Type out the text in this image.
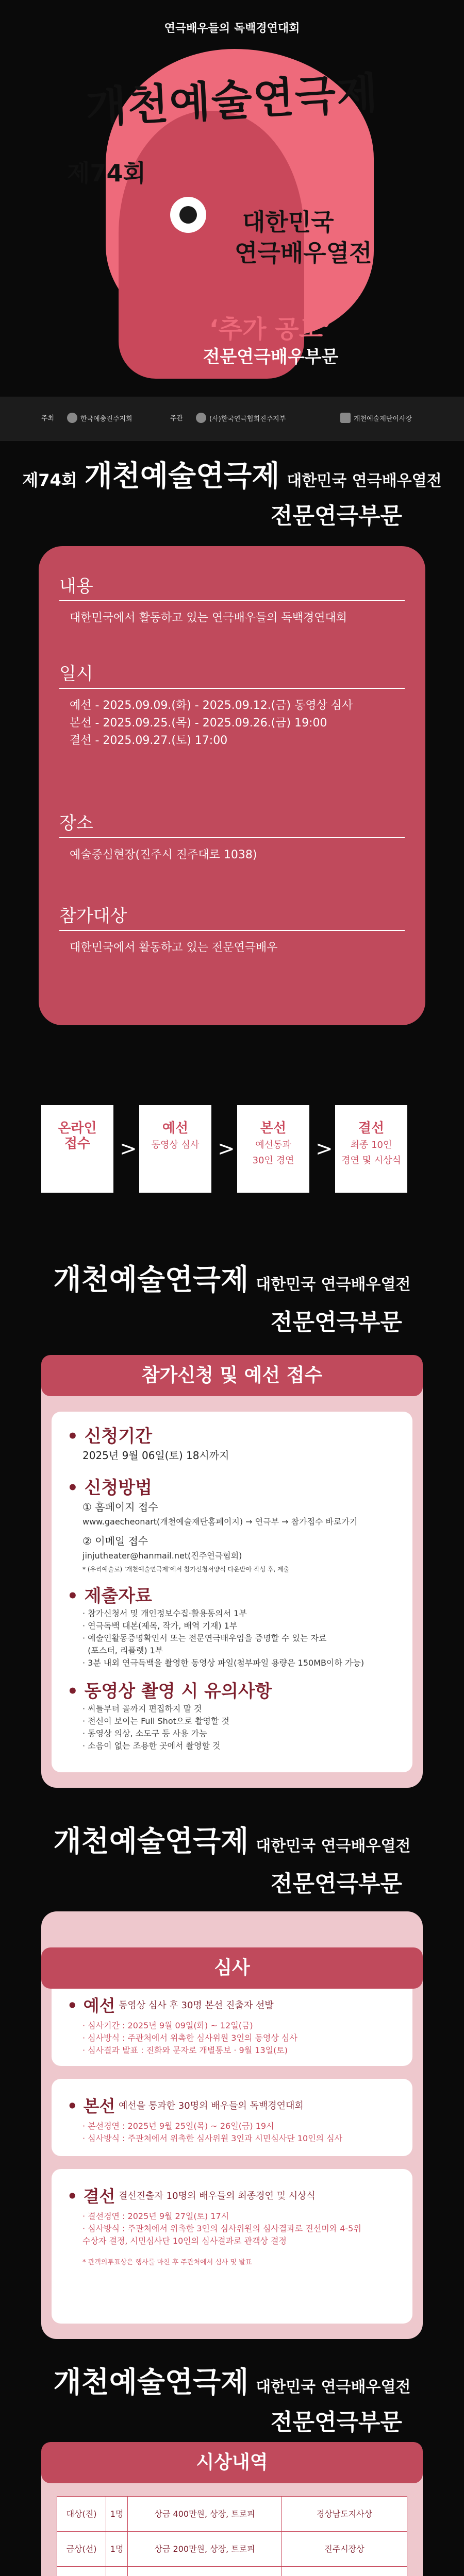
연극배우들의 독백경연대회
개천예술연극제
제74회
대한민국
연극배우열전
‘추가 공모’
전문연극배우부문
주최	한국예총진주지회	주관	(사)한국연극협회진주지부	개천예술재단이사장
제74회 개천예술연극제 대한민국 연극배우열전
전문연극부문
내용
대한민국에서 활동하고 있는 연극배우들의 독백경연대회
일시
예선 - 2025.09.09.(화) - 2025.09.12.(금) 동영상 심사
본선 - 2025.09.25.(목) - 2025.09.26.(금) 19:00
결선 - 2025.09.27.(토) 17:00
장소
예술중심현장(진주시 진주대로 1038)
참가대상
대한민국에서 활동하고 있는 전문연극배우
온라인
접수	>
예선
동영상 심사 >
본선
예선통과
30인 경연	>
결선
최종 10인
경연 및 시상식
개천예술연극제 대한민국 연극배우열전
전문연극부문
• 신청기간
2025년 9월 06일(토) 18시까지
• 신청방법
① 홈페이지 접수
www.gaecheonart(개천예술재단홈페이지) → 연극부 → 참가접수 바로가기
② 이메일 접수
jinjutheater@hanmail.net(진주연극협회)
* (우리예술로) ‘개천예술연극제’에서 참가신청서양식 다운받아 작성 후, 제출
• 제출자료
· 참가신청서 및 개인정보수집·활용동의서 1부
· 연극독백 대본(제목, 작가, 배역 기재) 1부
· 예술인활동증명확인서 또는 전문연극배우임을 증명할 수 있는 자료
(포스터, 리플렛) 1부
· 3분 내외 연극독백을 촬영한 동영상 파일(첨부파일 용량은 150MB이하 가능)
• 동영상 촬영 시 유의사항
· 씨틀부터 골까지 편집하지 말 것
· 전신이 보이는 Full Shot으로 촬영할 것
· 동영상 의상, 소도구 등 사용 가능
· 소음이 없는 조용한 곳에서 촬영할 것
참가신청 및 예선 접수
개천예술연극제 대한민국 연극배우열전
전문연극부문
• 예선 동영상 심사 후 30명 본선 진출자 선발
· 심사기간 : 2025년 9월 09일(화) ~ 12일(금)
· 심사방식 : 주관처에서 위촉한 심사위원 3인의 동영상 심사
· 심사결과 발표 : 진화와 문자로 개별통보 · 9월 13일(토)
• 본선 예선을 통과한 30명의 배우들의 독백경연대회
· 본선경연 : 2025년 9월 25일(목) ~ 26일(금) 19시
· 심사방식 : 주관처에서 위촉한 심사위원 3인과 시민심사단 10인의 심사
• 결선 결선진출자 10명의 배우들의 최종경연 및 시상식
· 결선경연 : 2025년 9월 27일(토) 17시
· 심사방식 : 주관처에서 위촉한 3인의 심사위원의 심사결과로 진선미와 4-5위
수상자 결정, 시민심사단 10인의 심사결과로 관객상 결정
* 관객의투표상은 행사를 마친 후 주관처에서 심사 및 발표
심사
개천예술연극제 대한민국 연극배우열전
전문연극부문
시상내역
대상(진)	1명	상금 400만원, 상장, 트로피	경상남도지사상
금상(선)	1명	상금 200만원, 상장, 트로피	진주시장상
